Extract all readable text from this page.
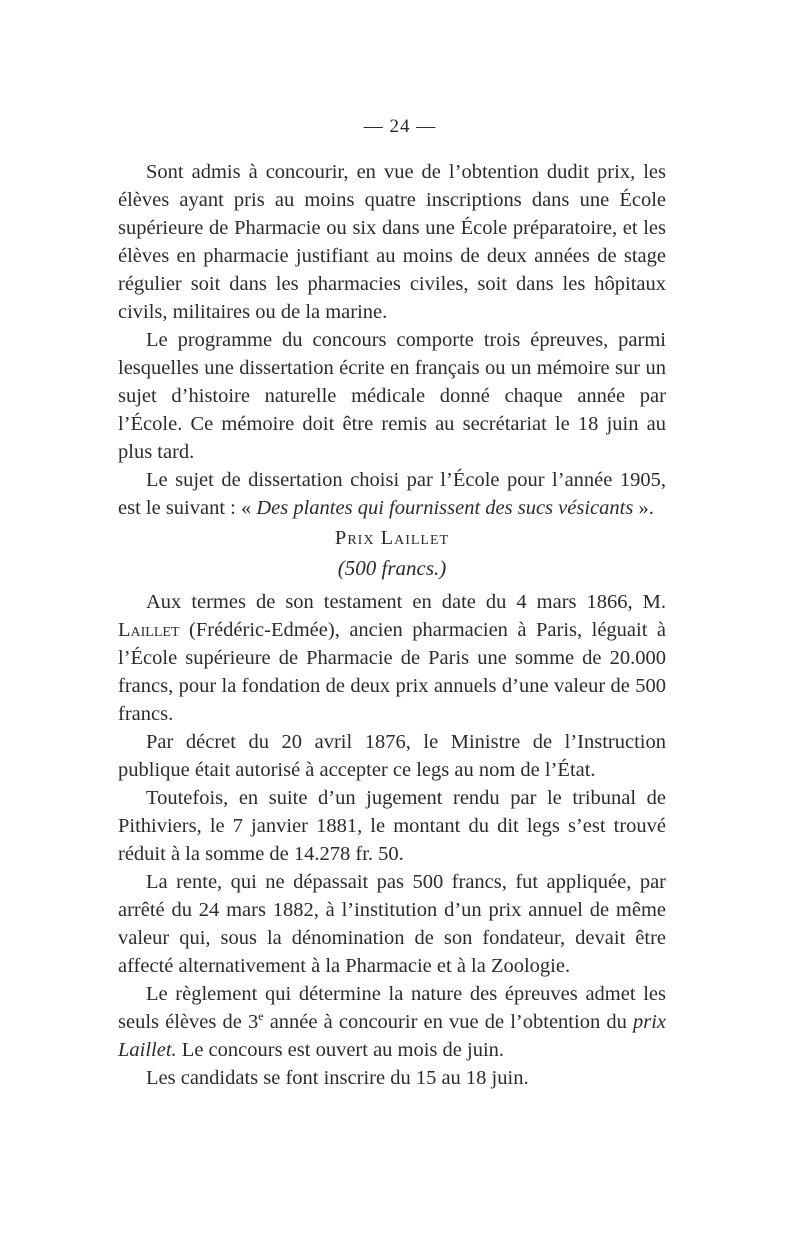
— 24 —

Sont admis à concourir, en vue de l’obtention dudit prix, les élèves ayant pris au moins quatre inscriptions dans une École supérieure de Pharmacie ou six dans une École préparatoire, et les élèves en pharmacie justifiant au moins de deux années de stage régulier soit dans les pharmacies civiles, soit dans les hôpitaux civils, militaires ou de la marine.

Le programme du concours comporte trois épreuves, parmi lesquelles une dissertation écrite en français ou un mémoire sur un sujet d’histoire naturelle médicale donné chaque année par l’École. Ce mémoire doit être remis au secrétariat le 18 juin au plus tard.

Le sujet de dissertation choisi par l’École pour l’année 1905, est le suivant : « Des plantes qui fournissent des sucs vésicants ».

Prix Laillet
(500 francs.)

Aux termes de son testament en date du 4 mars 1866, M. Laillet (Frédéric-Edmée), ancien pharmacien à Paris, léguait à l’École supérieure de Pharmacie de Paris une somme de 20.000 francs, pour la fondation de deux prix annuels d’une valeur de 500 francs.

Par décret du 20 avril 1876, le Ministre de l’Instruction publique était autorisé à accepter ce legs au nom de l’État.

Toutefois, en suite d’un jugement rendu par le tribunal de Pithiviers, le 7 janvier 1881, le montant du dit legs s’est trouvé réduit à la somme de 14.278 fr. 50.

La rente, qui ne dépassait pas 500 francs, fut appliquée, par arrêté du 24 mars 1882, à l’institution d’un prix annuel de même valeur qui, sous la dénomination de son fondateur, devait être affecté alternativement à la Pharmacie et à la Zoologie.

Le règlement qui détermine la nature des épreuves admet les seuls élèves de 3e année à concourir en vue de l’obtention du prix Laillet. Le concours est ouvert au mois de juin.

Les candidats se font inscrire du 15 au 18 juin.
